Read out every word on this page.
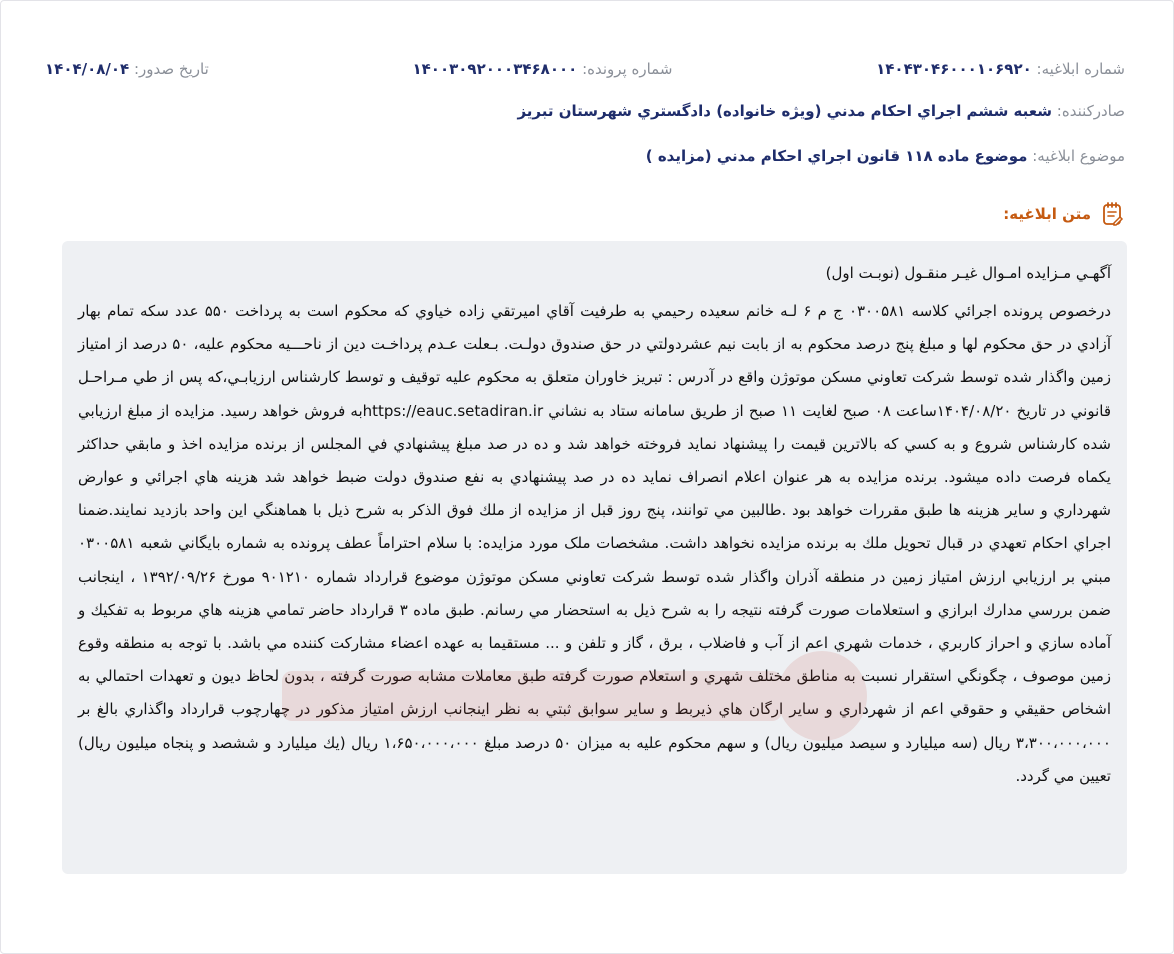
شماره ابلاغیه: ۱۴۰۴۳۰۴۶۰۰۰۱۰۶۹۲۰
شماره پرونده: ۱۴۰۰۳۰۹۲۰۰۰۳۴۶۸۰۰۰
تاریخ صدور: ۱۴۰۴/۰۸/۰۴
صادرکننده: شعبه ششم اجراي احكام مدني (ويژه خانواده) دادگستري شهرستان تبريز
موضوع ابلاغیه: موضوع ماده ۱۱۸ قانون اجراي احكام مدني (مزايده )
متن ابلاغیه:
آگهـي مـزايده امـوال غيـر منقـول (نوبـت اول)
درخصوص پرونده اجرائي كلاسه ۰۳۰۰۵۸۱ ج م ۶ لـه خانم سعيده رحيمي به طرفيت آقاي اميرتقي زاده خياوي كه محكوم است به پرداخت ۵۵۰ عدد سكه تمام بهار آزادي در حق محكوم لها و مبلغ پنج درصد محكوم به از بابت نيم عشردولتي در حق صندوق دولـت. بـعلت عـدم پرداخـت دين از ناحـــيه محكوم عليه، ۵۰ درصد از امتياز زمين واگذار شده توسط شركت تعاوني مسكن موتوژن واقع در آدرس : تبريز خاوران متعلق به محكوم عليه توقيف و توسط كارشناس ارزيابـي،كه پس از طي مـراحـل قانوني در تاريخ ۱۴۰۴/۰۸/۲۰ساعت ۰۸ صبح لغايت ۱۱ صبح از طريق سامانه ستاد به نشاني https://eauc.setadiran.irبه فروش خواهد رسيد. مزايده از مبلغ ارزيابي شده كارشناس شروع و به كسي كه بالاترين قيمت را پيشنهاد نمايد فروخته خواهد شد و ده در صد مبلغ پيشنهادي في المجلس از برنده مزايده اخذ و مابقي حداكثر يكماه فرصت داده ميشود. برنده مزايده به هر عنوان اعلام انصراف نمايد ده در صد پيشنهادي به نفع صندوق دولت ضبط خواهد شد هزينه هاي اجرائي و عوارض شهرداري و ساير هزينه ها طبق مقررات خواهد بود .طالبين مي توانند، پنج روز قبل از مزايده از ملك فوق الذكر به شرح ذيل با هماهنگي اين واحد بازديد نمايند.ضمنا اجراي احكام تعهدي در قبال تحويل ملك به برنده مزايده نخواهد داشت. مشخصات ملک مورد مزايده: با سلام احتراماً عطف پرونده به شماره بايگاني شعبه ۰۳۰۰۵۸۱ مبني بر ارزيابي ارزش امتياز زمين در منطقه آذران واگذار شده توسط شركت تعاوني مسكن موتوژن موضوع قرارداد شماره ۹۰۱۲۱۰ مورخ ۱۳۹۲/۰۹/۲۶ ، اينجانب ضمن بررسي مدارك ابرازي و استعلامات صورت گرفته نتيجه را به شرح ذيل به استحضار مي رسانم. طبق ماده ۳ قرارداد حاضر تمامي هزينه هاي مربوط به تفكيك و آماده سازي و احراز كاربري ، خدمات شهري اعم از آب و فاضلاب ، برق ، گاز و تلفن و ... مستقيما به عهده اعضاء مشاركت كننده مي باشد. با توجه به منطقه وقوع زمين موصوف ، چگونگي استقرار نسبت به مناطق مختلف شهري و استعلام صورت گرفته طبق معاملات مشابه صورت گرفته ، بدون لحاظ ديون و تعهدات احتمالي به اشخاص حقيقي و حقوقي اعم از شهرداري و ساير ارگان هاي ذيربط و ساير سوابق ثبتي به نظر اينجانب ارزش امتياز مذكور در چهارچوب قرارداد واگذاري بالغ بر ۳،۳۰۰،۰۰۰،۰۰۰ ريال (سه ميليارد و سيصد ميليون ريال) و سهم محكوم عليه به ميزان ۵۰ درصد مبلغ ۱،۶۵۰،۰۰۰،۰۰۰ ريال (يك ميليارد و ششصد و پنجاه ميليون ريال) تعيين مي گردد.
